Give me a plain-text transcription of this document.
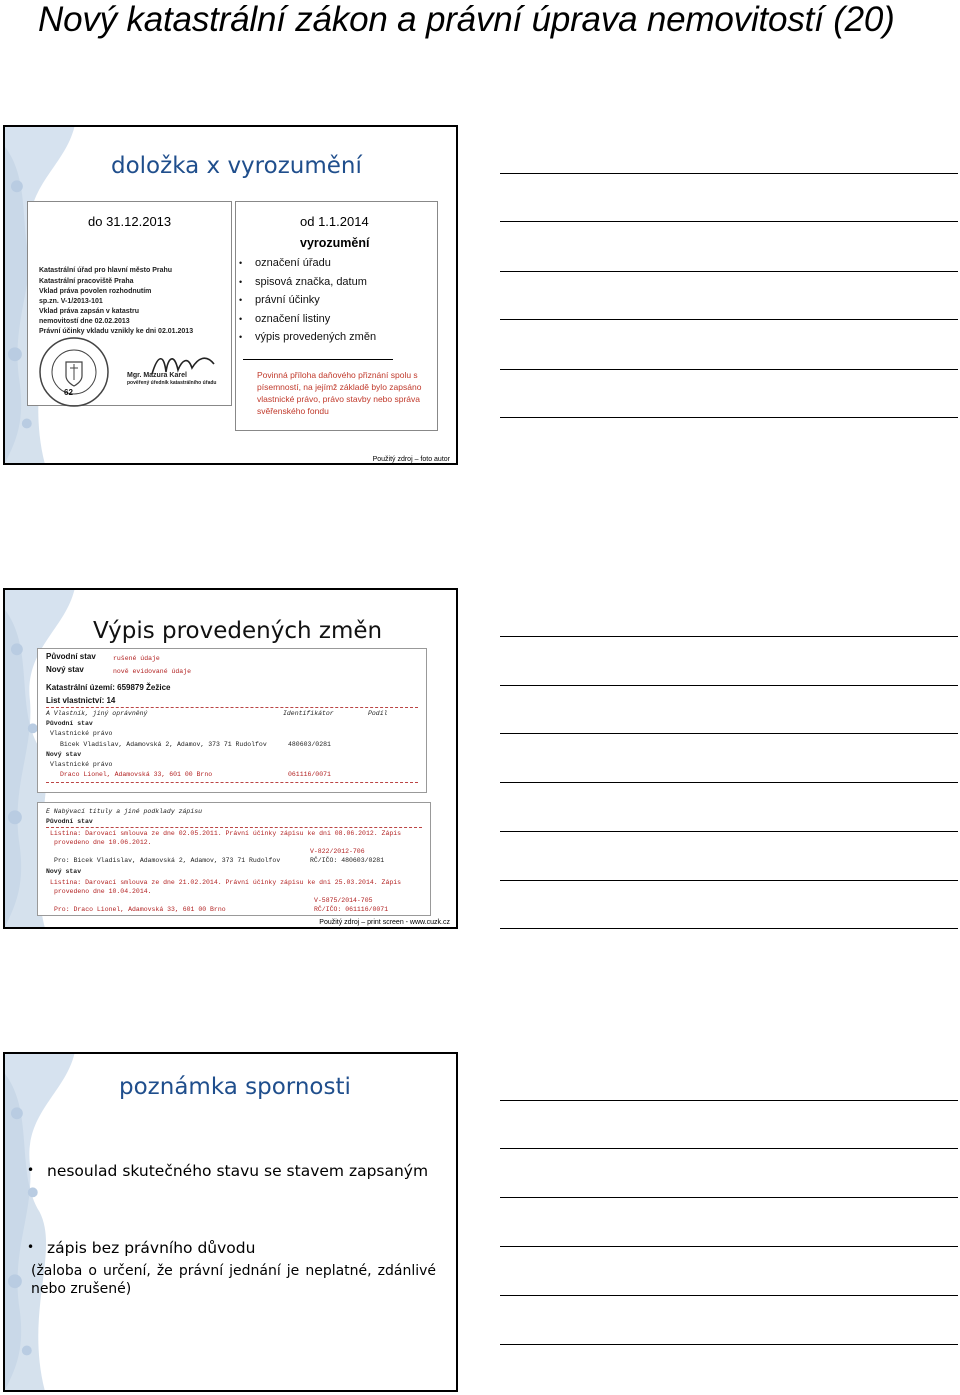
Nový katastrální zákon a právní úprava nemovitostí (20)
doložka x vyrozumění
do 31.12.2013
62
od 1.1.2014
vyrozumění
Katastrální úřad pro hlavní město Prahu
Katastrální pracoviště Praha
Vklad práva povolen rozhodnutím
sp.zn. V-1/2013-101
Vklad práva zapsán v katastru
nemovitostí dne 02.02.2013
Právní účinky vkladu vznikly ke dni 02.01.2013
Mgr. Mazura Karel
pověřený úředník katastrálního úřadu
• označení úřadu
• spisová značka, datum
• právní účinky
• označení listiny
• výpis provedených změn
Povinná příloha daňového přiznání spolu s písemností, na jejímž základě bylo zapsáno vlastnické právo, právo stavby nebo správa svěřenského fondu
Použitý zdroj – foto autor
Výpis provedených změn
Původní stav	rušené údaje
Nový stav	nově evidované údaje
Katastrální území: 659879 Žežice
List vlastnictví: 14
A Vlastník, jiný oprávněný	Identifikátor	Podíl
Původní stav
Vlastnické právo
Bicek Vladislav, Adamovská 2, Adamov, 373 71 Rudolfov	480603/0281
Nový stav
Vlastnické právo
Draco Lionel, Adamovská 33, 601 00 Brno	061116/0071
E Nabývací tituly a jiné podklady zápisu
Původní stav
Listina: Darovací smlouva ze dne 02.05.2011. Právní účinky zápisu ke dni 08.06.2012. Zápis
provedeno dne 10.06.2012.
V-822/2012-706
Pro: Bicek Vladislav, Adamovská 2, Adamov, 373 71 Rudolfov	RČ/IČO: 480603/0281
Nový stav
Listina: Darovací smlouva ze dne 21.02.2014. Právní účinky zápisu ke dni 25.03.2014. Zápis
provedeno dne 10.04.2014.
V-5875/2014-705
Pro: Draco Lionel, Adamovská 33, 601 00 Brno	RČ/IČO: 061116/0071
Použitý zdroj – print screen - www.cuzk.cz
poznámka spornosti
• nesoulad skutečného stavu se stavem zapsaným
• zápis bez právního důvodu
(žaloba o určení, že právní jednání je neplatné, zdánlivé nebo zrušené)
